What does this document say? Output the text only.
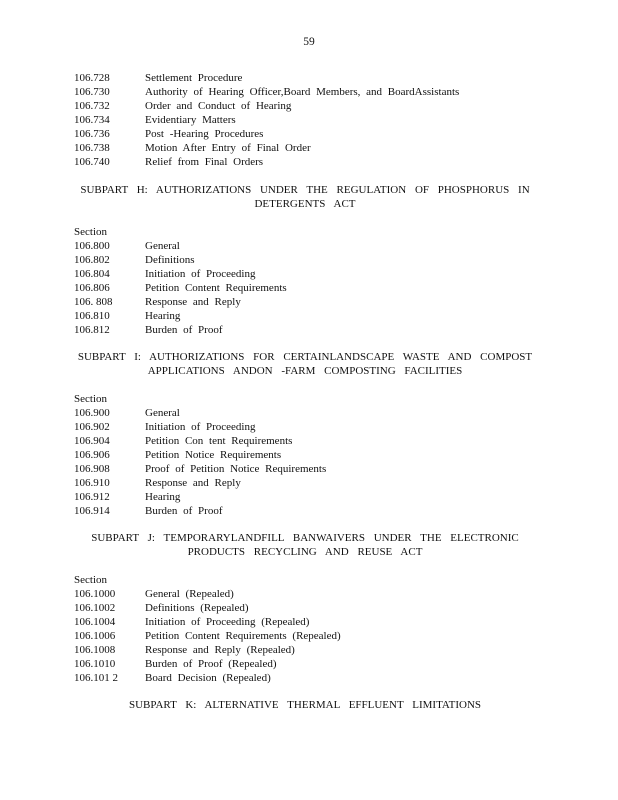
59
106.728	Settlement Procedure
106.730	Authority of Hearing Officer,Board Members, and BoardAssistants
106.732	Order and Conduct of Hearing
106.734	Evidentiary Matters
106.736	Post -Hearing Procedures
106.738	Motion After Entry of Final Order
106.740	Relief from Final Orders
SUBPART H: AUTHORIZATIONS UNDER THE REGULATION OF PHOSPHORUS IN
DETERGENTS ACT
Section
106.800	General
106.802	Definitions
106.804	Initiation of Proceeding
106.806	Petition Content Requirements
106. 808	Response and Reply
106.810	Hearing
106.812	Burden of Proof
SUBPART I: AUTHORIZATIONS FOR CERTAINLANDSCAPE WASTE AND COMPOST
APPLICATIONS ANDON -FARM COMPOSTING FACILITIES
Section
106.900	General
106.902	Initiation of Proceeding
106.904	Petition Con tent Requirements
106.906	Petition Notice Requirements
106.908	Proof of Petition Notice Requirements
106.910	Response and Reply
106.912	Hearing
106.914	Burden of Proof
SUBPART J: TEMPORARYLANDFILL BANWAIVERS UNDER THE ELECTRONIC
PRODUCTS RECYCLING AND REUSE ACT
Section
106.1000	General (Repealed)
106.1002	Definitions (Repealed)
106.1004	Initiation of Proceeding (Repealed)
106.1006	Petition Content Requirements (Repealed)
106.1008	Response and Reply (Repealed)
106.1010	Burden of Proof (Repealed)
106.101 2	Board Decision (Repealed)
SUBPART K: ALTERNATIVE THERMAL EFFLUENT LIMITATIONS
